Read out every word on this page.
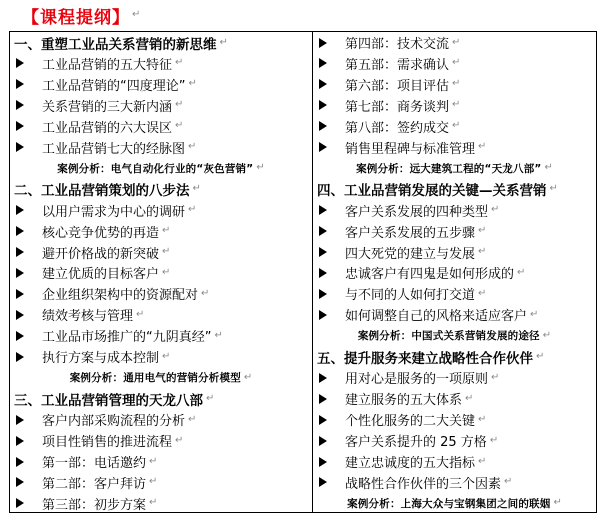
【课程提纲】 ↵
一、重塑工业品关系营销的新思维 ↵
工业品营销的五大特征 ↵
工业品营销的“四度理论” ↵
关系营销的三大新内涵 ↵
工业品营销的六大误区 ↵
工业品营销七大的经脉图 ↵
案例分析：电气自动化行业的“灰色营销” ↵
二、工业品营销策划的八步法 ↵
以用户需求为中心的调研 ↵
核心竞争优势的再造 ↵
避开价格战的新突破 ↵
建立优质的目标客户 ↵
企业组织架构中的资源配对 ↵
绩效考核与管理 ↵
工业品市场推广的“九阴真经” ↵
执行方案与成本控制 ↵
案例分析：通用电气的营销分析模型 ↵
三、工业品营销管理的天龙八部 ↵
客户内部采购流程的分析 ↵
项目性销售的推进流程 ↵
第一部：电话邀约 ↵
第二部：客户拜访 ↵
第三部：初步方案 ↵
第四部：技术交流 ↵
第五部：需求确认 ↵
第六部：项目评估 ↵
第七部：商务谈判 ↵
第八部：签约成交 ↵
销售里程碑与标准管理 ↵
案例分析：远大建筑工程的“天龙八部” ↵
四、工业品营销发展的关键—关系营销 ↵
客户关系发展的四种类型 ↵
客户关系发展的五步骤 ↵
四大死党的建立与发展 ↵
忠诚客户有四鬼是如何形成的 ↵
与不同的人如何打交道 ↵
如何调整自己的风格来适应客户 ↵
案例分析：中国式关系营销发展的途径 ↵
五、提升服务来建立战略性合作伙伴 ↵
用对心是服务的一项原则 ↵
建立服务的五大体系 ↵
个性化服务的二大关键 ↵
客户关系提升的 25 方格 ↵
建立忠诚度的五大指标 ↵
战略性合作伙伴的三个因素 ↵
案例分析：上海大众与宝钢集团之间的联姻 ↵
